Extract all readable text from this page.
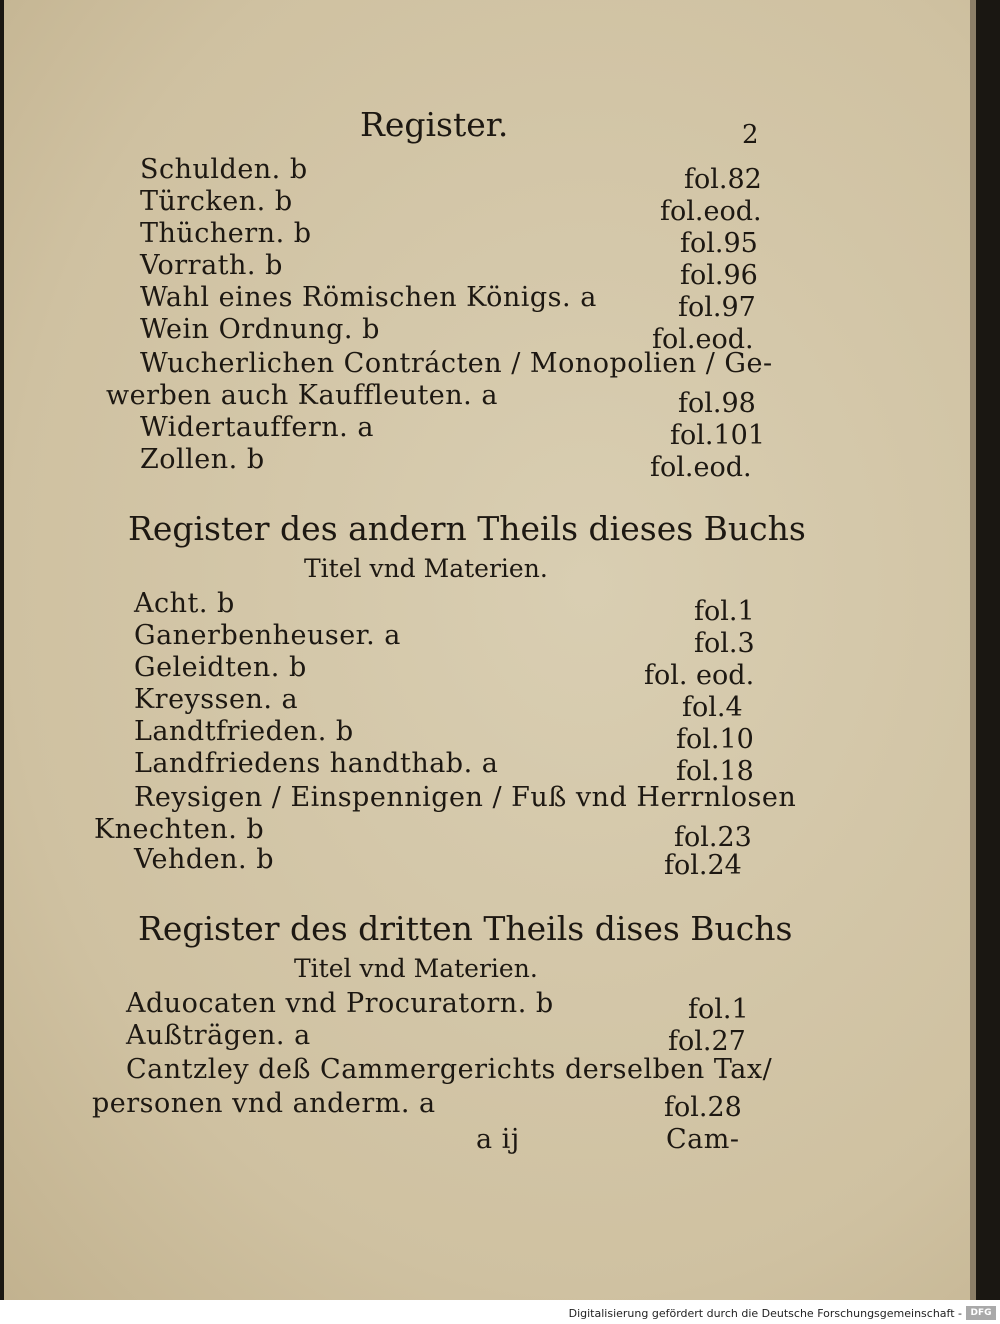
Register.	2
Schulden. b	fol.82
Türcken. b	fol.eod.
Thüchern. b	fol.95
Vorrath. b	fol.96
Wahl eines Römischen Königs. a	fol.97
Wein Ordnung. b	fol.eod.
Wucherlichen Contrácten / Monopolien / Ge-
werben auch Kauffleuten. a	fol.98
Widertauffern. a	fol.101
Zollen. b	fol.eod.
Register des andern Theils dieses Buchs
Titel vnd Materien.
Acht. b	fol.1
Ganerbenheuser. a	fol.3
Geleidten. b	fol. eod.
Kreyssen. a	fol.4
Landtfrieden. b	fol.10
Landfriedens handthab. a	fol.18
Reysigen / Einspennigen / Fuß vnd Herrnlosen
Knechten. b	fol.23
Vehden. b	fol.24
Register des dritten Theils dises Buchs
Titel vnd Materien.
Aduocaten vnd Procuratorn. b	fol.1
Außträgen. a	fol.27
Cantzley deß Cammergerichts derselben Tax/
personen vnd anderm. a	fol.28
a ij	Cam-
Digitalisierung gefördert durch die Deutsche Forschungsgemeinschaft - DFG
